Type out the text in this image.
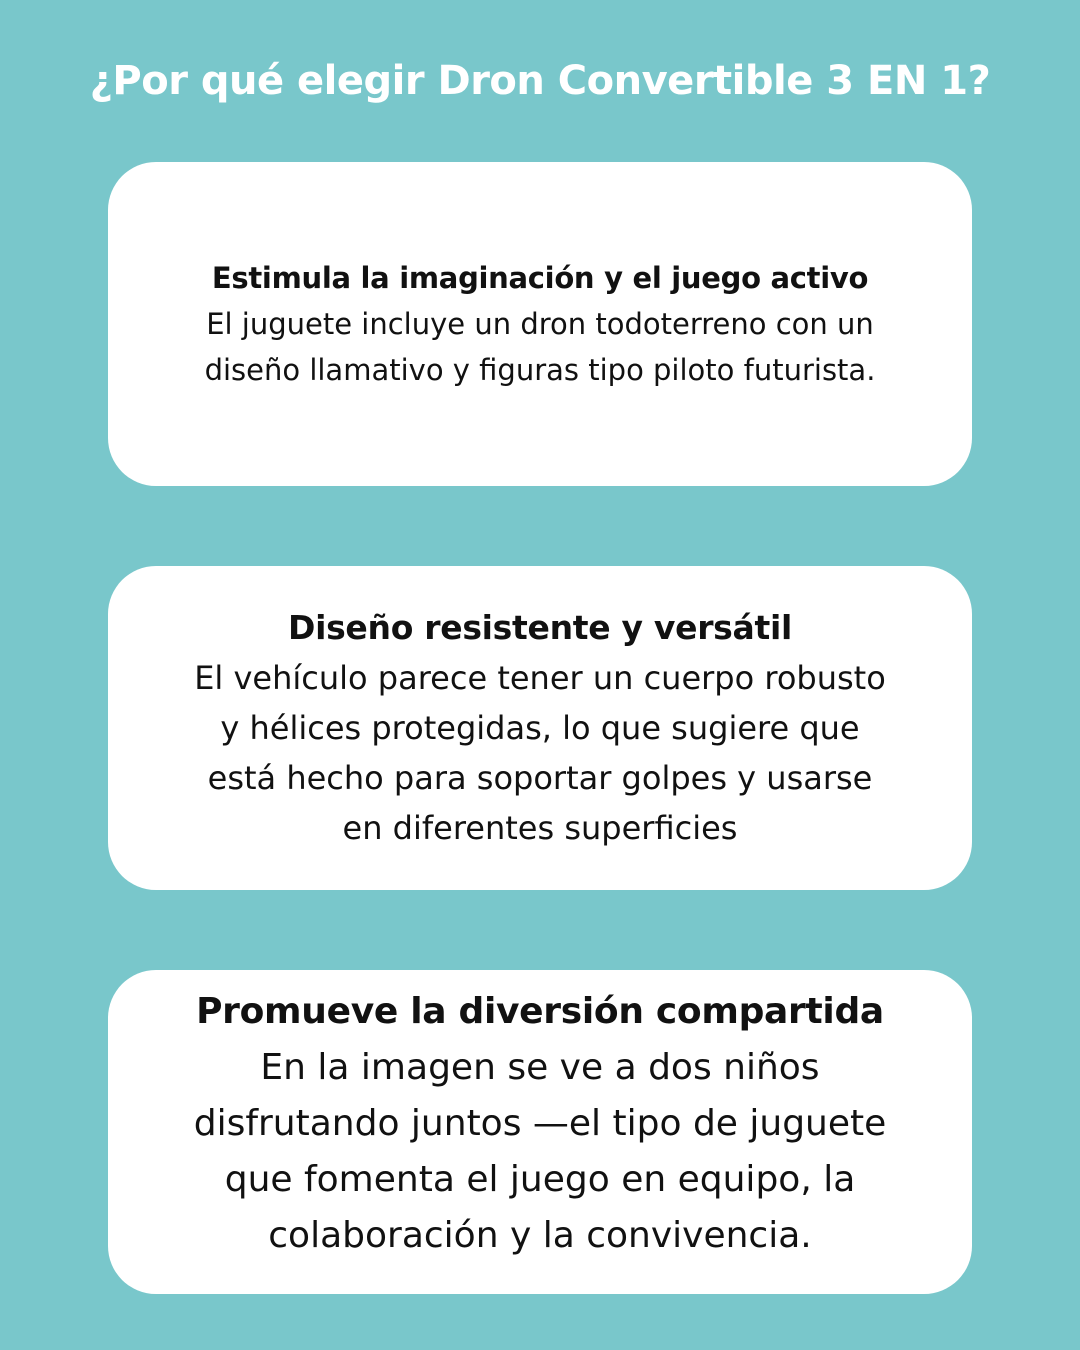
¿Por qué elegir Dron Convertible 3 EN 1?

Estimula la imaginación y el juego activo

El juguete incluye un dron todoterreno con un
diseño llamativo y figuras tipo piloto futurista.

Diseño resistente y versátil

El vehículo parece tener un cuerpo robusto
y hélices protegidas, lo que sugiere que
está hecho para soportar golpes y usarse
en diferentes superficies

Promueve la diversión compartida

En la imagen se ve a dos niños
disfrutando juntos —el tipo de juguete
que fomenta el juego en equipo, la
colaboración y la convivencia.
